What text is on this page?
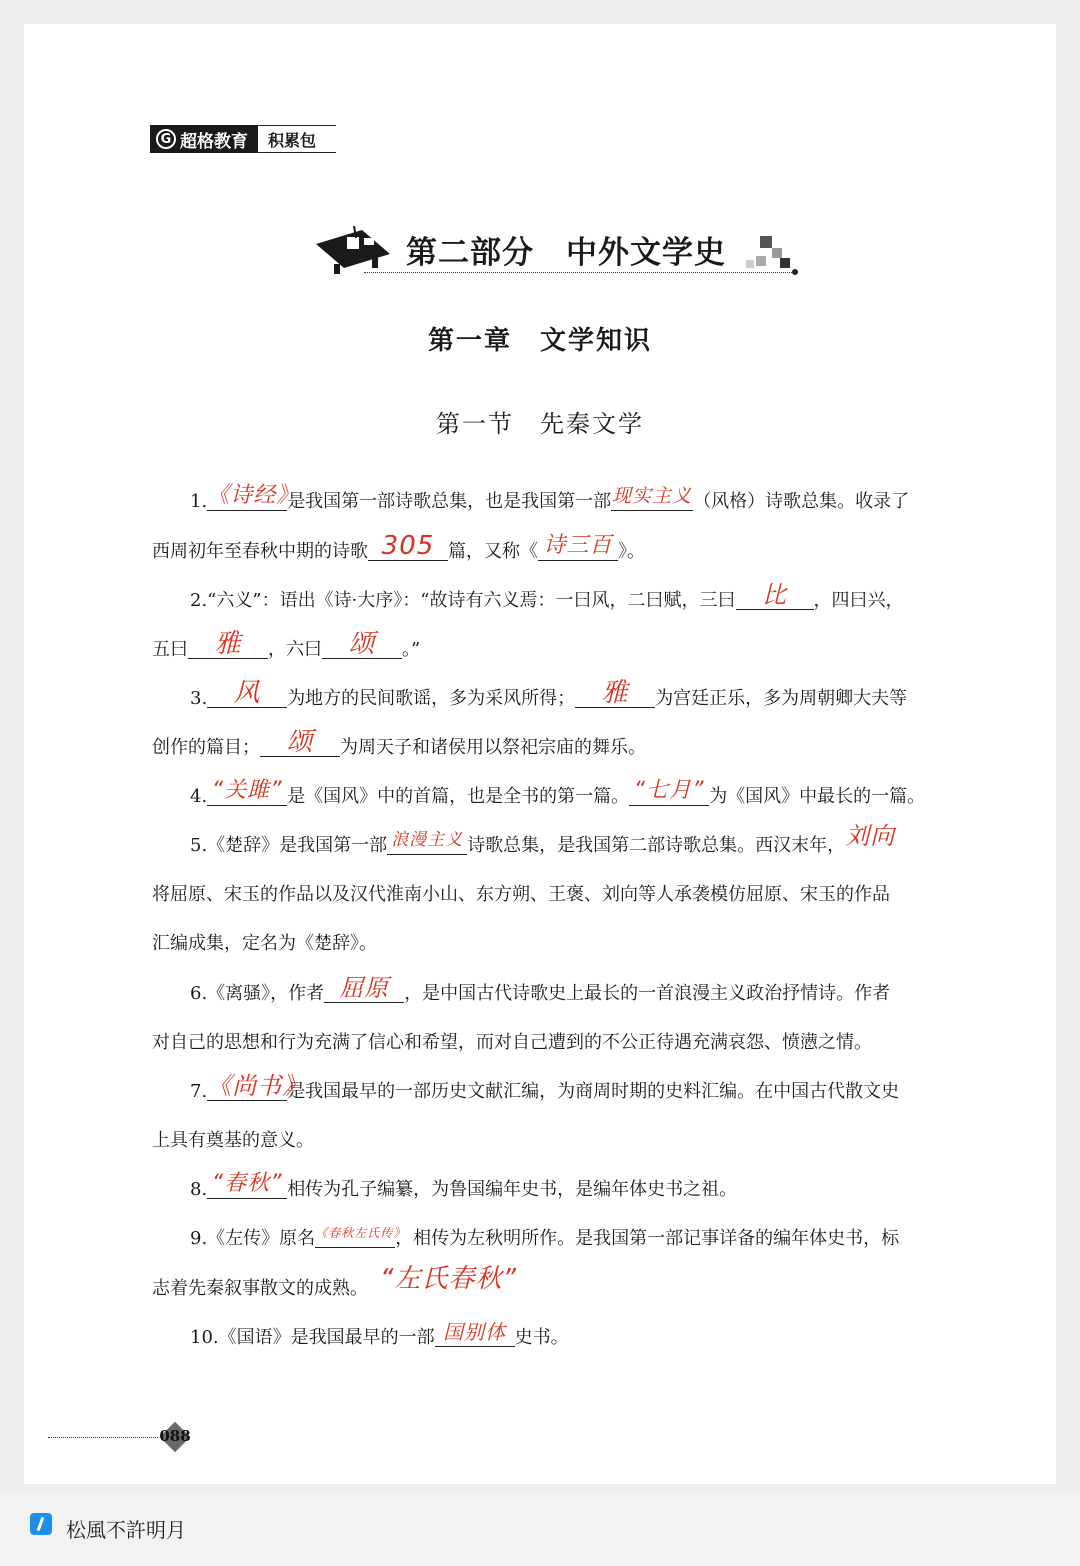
G 超格教育	积累包
第二部分　中外文学史
第一章　文学知识
第一节　先秦文学
1. 《诗经》
是我国第一部诗歌总集，也是我国第一部 现实主义 （风格）诗歌总集。收录了
西周初年至春秋中期的诗歌 305 篇，又称《 诗三百 》。
2.“六义”：语出《诗·大序》：“故诗有六义焉：一曰风，二曰赋，三曰	比	，四曰兴，
五曰	雅	，六曰	颂	。”
3.	风	为地方的民间歌谣，多为采风所得；	雅	为宫廷正乐，多为周朝卿大夫等
创作的篇目；	颂	为周天子和诸侯用以祭祀宗庙的舞乐。
4. “关雎” 是《国风》中的首篇，也是全书的第一篇。 “七月” 为《国风》中最长的一篇。
5.《楚辞》是我国第一部 浪漫主义 诗歌总集，是我国第二部诗歌总集。西汉末年， 刘向
将屈原、宋玉的作品以及汉代淮南小山、东方朔、王褒、刘向等人承袭模仿屈原、宋玉的作品
汇编成集，定名为《楚辞》。
6.《离骚》，作者 屈原 ，是中国古代诗歌史上最长的一首浪漫主义政治抒情诗。作者
对自己的思想和行为充满了信心和希望，而对自己遭到的不公正待遇充满哀怨、愤懑之情。
7. 《尚书》
是我国最早的一部历史文献汇编，为商周时期的史料汇编。在中国古代散文史
上具有奠基的意义。
8. “春秋” 相传为孔子编纂，为鲁国编年史书，是编年体史书之祖。
9.《左传》原名 《春秋左氏传》
，相传为左秋明所作。是我国第一部记事详备的编年体史书，标
志着先秦叙事散文的成熟。 “左氏春秋”
10.《国语》是我国最早的一部 国别体 史书。
088
松風不許明月
